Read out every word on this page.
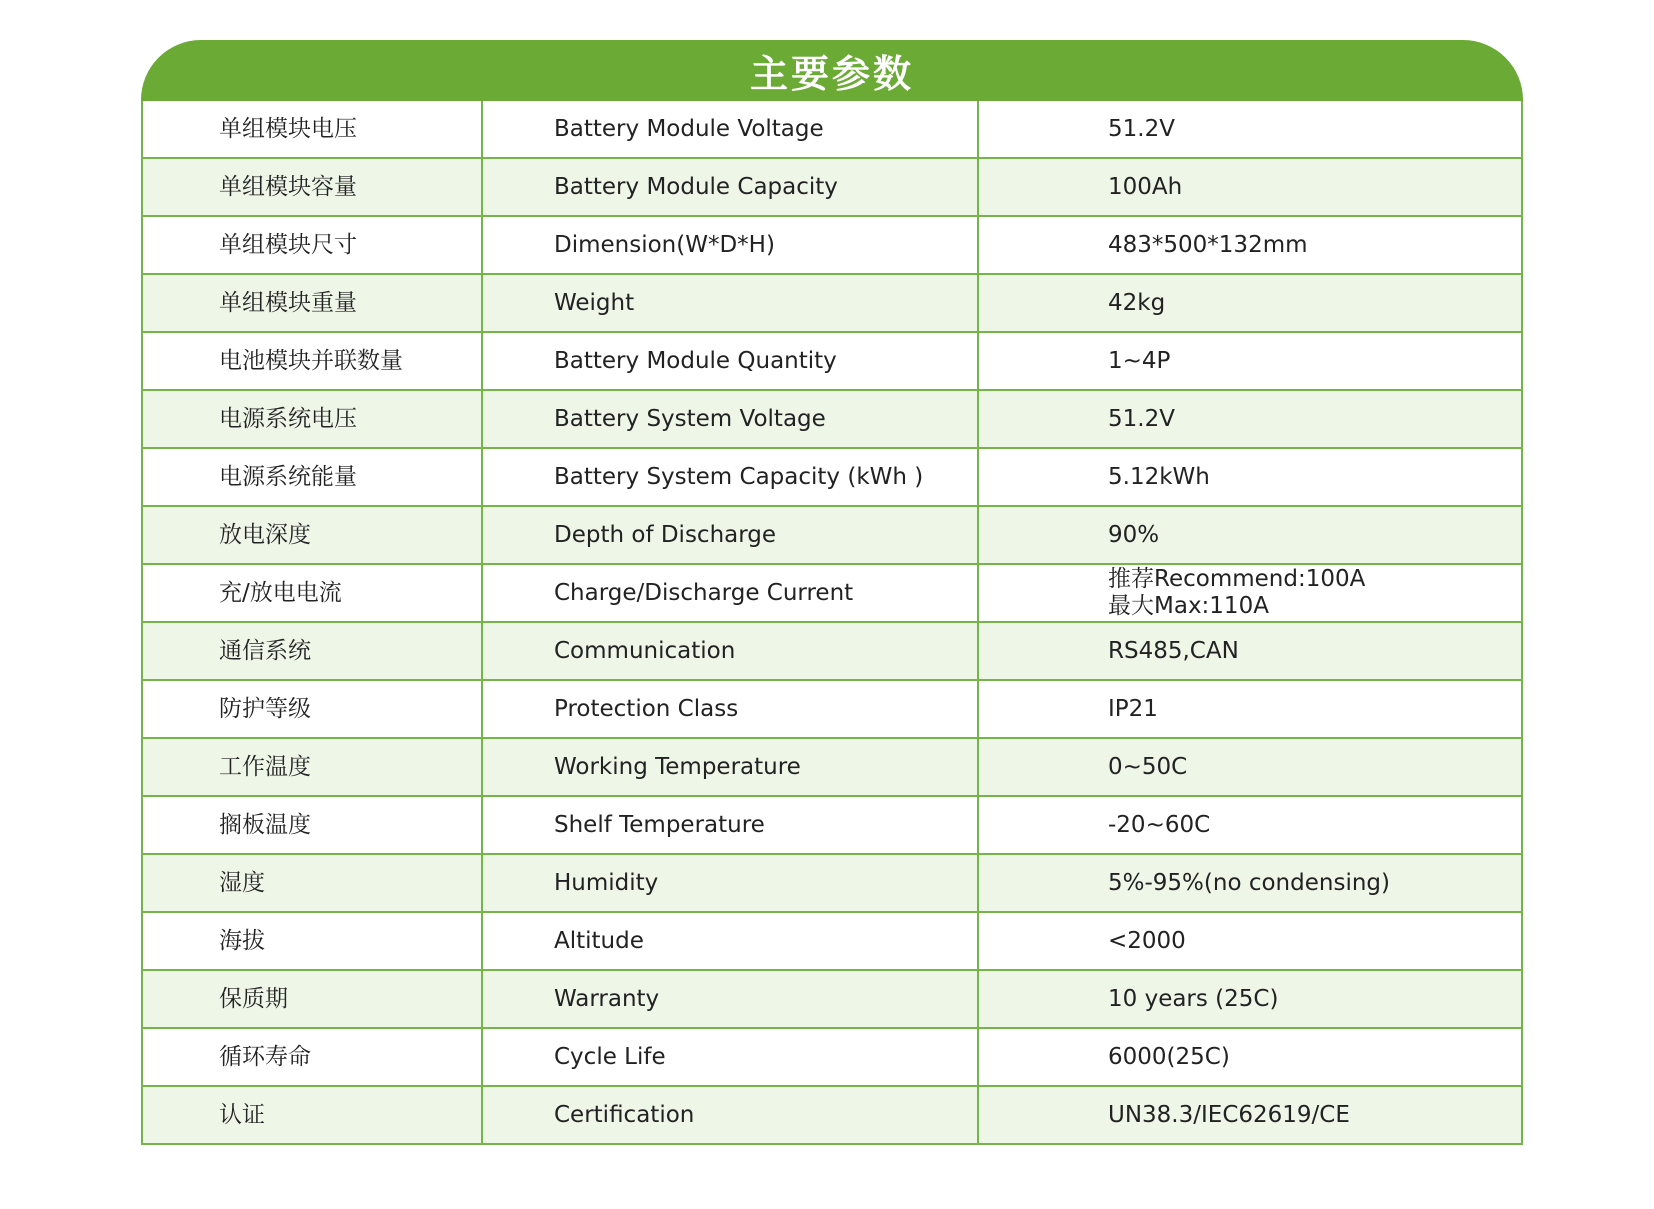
主要参数
单组模块电压	Battery Module Voltage	51.2V

单组模块容量	Battery Module Capacity	100Ah

单组模块尺寸	Dimension(W*D*H)	483*500*132mm

单组模块重量	Weight	42kg

电池模块并联数量	Battery Module Quantity	1~4P

电源系统电压	Battery System Voltage	51.2V

电源系统能量	Battery System Capacity (kWh )	5.12kWh

放电深度	Depth of Discharge	90%

充/放电电流	Charge/Discharge Current	推荐Recommend:100A
最大Max:110A

通信系统	Communication	RS485,CAN

防护等级	Protection Class	IP21

工作温度	Working Temperature	0~50C

搁板温度	Shelf Temperature	-20~60C

湿度	Humidity	5%-95%(no condensing)

海拔	Altitude	<2000

保质期	Warranty	10 years (25C)

循环寿命	Cycle Life	6000(25C)

认证	Certification	UN38.3/IEC62619/CE
